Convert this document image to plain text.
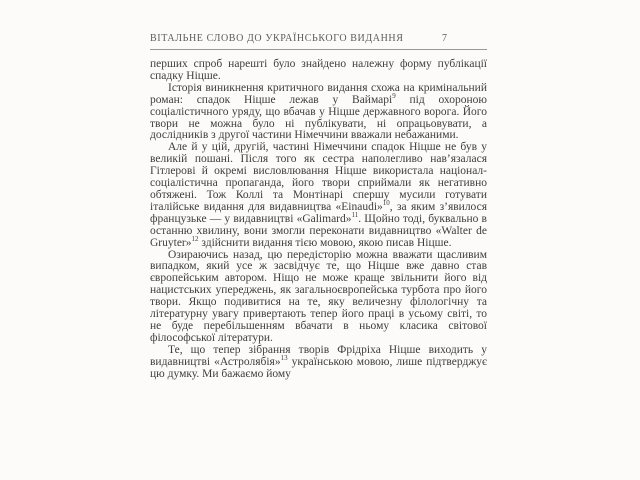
ВІТАЛЬНЕ СЛОВО ДО УКРАЇНСЬКОГО ВИДАННЯ	7

перших спроб нарешті було знайдено належну форму публікації спадку Ніцше.

Історія виникнення критичного видання схожа на кримінальний роман: спадок Ніцше лежав у Ваймарі$^9$ під охороною соціалістичного уряду, що вбачав у Ніцше державного ворога. Його твори не можна було ні публікувати, ні опрацьовувати, а дослідників з другої частини Німеччини вважали небажаними.

Але й у цій, другій, частині Німеччини спадок Ніцше не був у великій пошані. Після того як сестра наполегливо нав’язалася Гітлерові й окремі висловлювання Ніцше використала націонал-соціалістична пропаганда, його твори сприймали як негативно обтяжені. Тож Коллі та Монтінарі спершу мусили готувати італійське видання для видавництва «Einaudi»$^{10}$, за яким з’явилося французьке — у видавництві «Galimard»$^{11}$. Щойно тоді, буквально в останню хвилину, вони змогли переконати видавництво «Walter de Gruyter»$^{12}$ здійснити видання тією мовою, якою писав Ніцше.

Озираючись назад, цю передісторію можна вважати щасливим випадком, який усе ж засвідчує те, що Ніцше вже давно став європейським автором. Ніщо не може краще звільнити його від нацистських упереджень, як загальноєвропейська турбота про його твори. Якщо подивитися на те, яку величезну філологічну та літературну увагу привертають тепер його праці в усьому світі, то не буде перебільшенням вбачати в ньому класика світової філософської літератури.

Те, що тепер зібрання творів Фрідріха Ніцше виходить у видавництві «Астролябія»$^{13}$ українською мовою, лише підтверджує цю думку. Ми бажаємо йому
